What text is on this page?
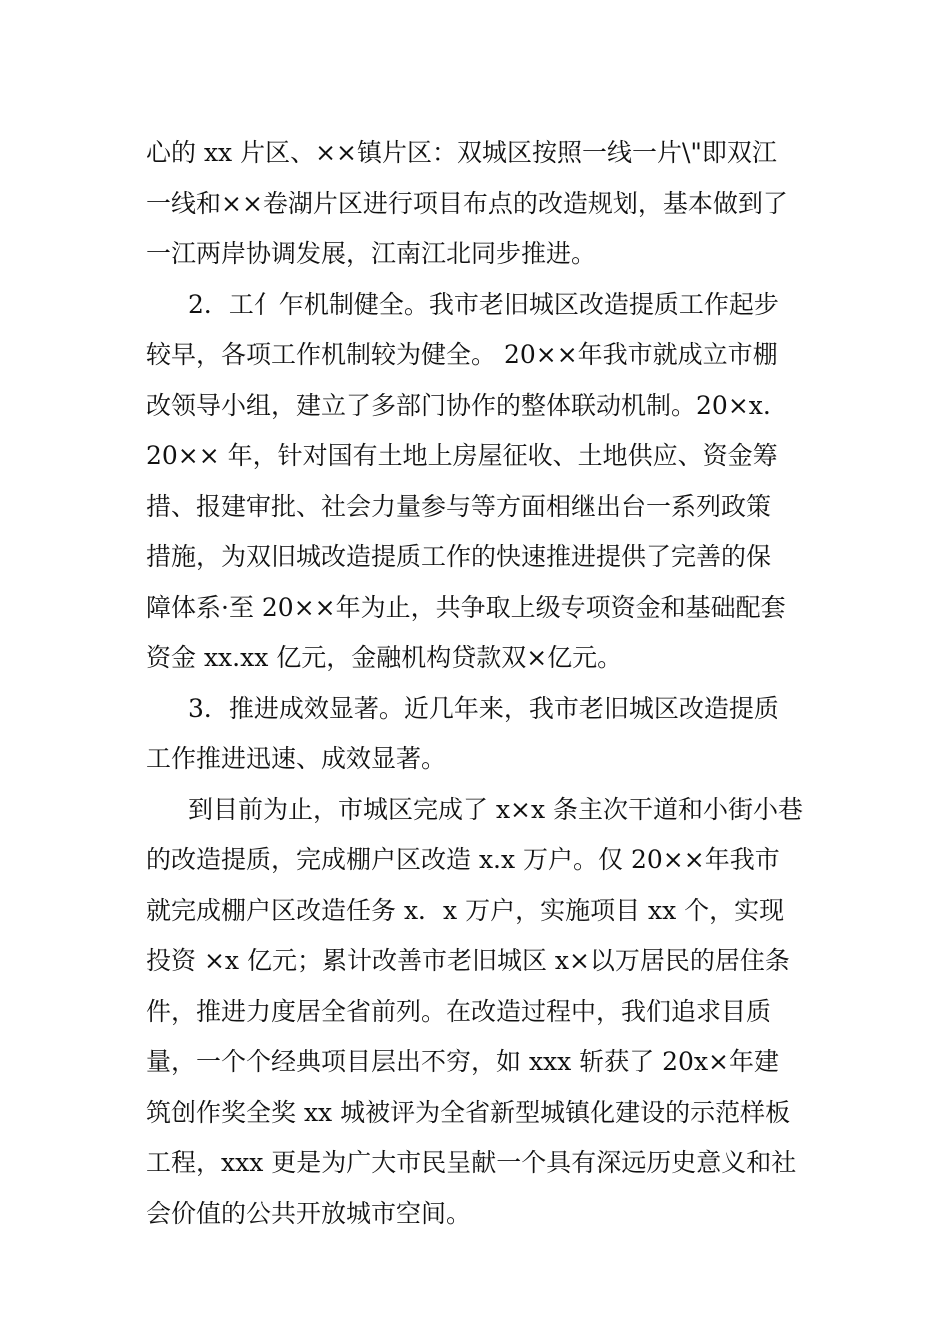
心的 xx 片区、××镇片区：双城区按照一线一片\"即双江
一线和××卷湖片区进行项目布点的改造规划，基本做到了
一江两岸协调发展，江南江北同步推进。
2．工亻乍机制健全。我市老旧城区改造提质工作起步
较早，各项工作机制较为健全。 20××年我市就成立市棚
改领导小组，建立了多部门协作的整体联动机制。20×x.
20×× 年，针对国有土地上房屋征收、土地供应、资金筹
措、报建审批、社会力量参与等方面相继出台一系列政策
措施，为双旧城改造提质工作的快速推进提供了完善的保
障体系·至 20××年为止，共争取上级专项资金和基础配套
资金 xx.xx 亿元，金融机构贷款双×亿元。
3．推进成效显著。近几年来，我市老旧城区改造提质
工作推进迅速、成效显著。
到目前为止，市城区完成了 x×x 条主次干道和小街小巷
的改造提质，完成棚户区改造 x.x 万户。仅 20××年我市
就完成棚户区改造任务 x．x 万户，实施项目 xx 个，实现
投资 ×x 亿元；累计改善市老旧城区 x×以万居民的居住条
件，推进力度居全省前列。在改造过程中，我们追求目质
量，一个个经典项目层出不穷，如 xxx 斩获了 20x×年建
筑创作奖全奖 xx 城被评为全省新型城镇化建设的示范样板
工程，xxx 更是为广大市民呈献一个具有深远历史意义和社
会价值的公共开放城市空间。
